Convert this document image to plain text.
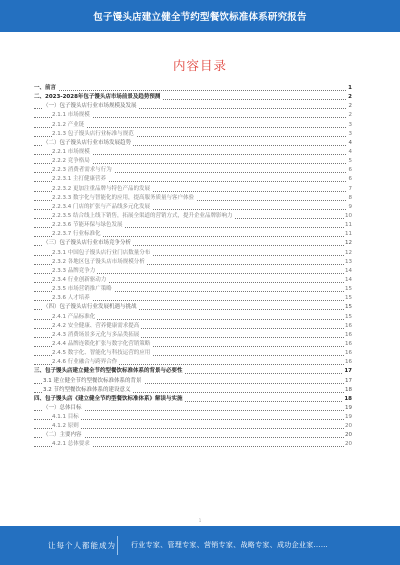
包子馒头店建立健全节约型餐饮标准体系研究报告
内容目录
一、前言	1
二、2023-2028年包子馒头店市场前景及趋势预测	2
（一）包子馒头店行业市场规模及发展	2
2.1.1 市场规模	2
2.1.2 产业链	3
2.1.3 包子馒头店行业标准与规范	3
（二）包子馒头店行业市场发展趋势	4
2.2.1 市场规模	4
2.2.2 竞争格局	5
2.2.3 消费者需求与行为	6
2.2.3.1 主打健康营养	6
2.2.3.2 更加注重品牌与特色产品的发展	7
2.2.3.3 数字化与智能化的应用，提高服务质量与客户体验	8
2.2.3.4 门店的扩张与产品线多元化发展	9
2.2.3.5 结合线上线下销售，拓展全渠道的营销方式，提升企业品牌影响力	10
2.2.3.6 节能环保与绿色发展	11
2.2.3.7 行业标准化	11
（三）包子馒头店行业市场竞争分析	12
2.3.1 中国包子馒头店行业门店数量分布	12
2.3.2 各地区包子馒头店市场规模分析	13
2.3.3 品牌竞争力	14
2.3.4 行业创新驱动力	14
2.3.5 市场营销推广策略	15
2.3.6 人才培养	15
（四）包子馒头店行业发展机遇与挑战	15
2.4.1 产品标准化	15
2.4.2 安全健康、营养健康需求提高	16
2.4.3 消费场景多元化与多品类拓展	16
2.4.4 品牌连锁化扩张与数字化营销策略	16
2.4.5 数字化、智能化与科技运营的应用	16
2.4.6 行业融合与跨界合作	16
三、包子馒头店建立健全节约型餐饮标准体系的背景与必要性	17
3.1 建立健全节约型餐饮标准体系的背景	17
3.2 节约型餐饮标准体系的建设意义	18
四、包子馒头店《建立健全节约型餐饮标准体系》解读与实施	18
（一）总体目标	19
4.1.1 目标	19
4.1.2 原则	20
（二）主要内容	20
4.2.1 总体要求	20
1
让每个人都能成为 行业专家、管理专家、营销专家、战略专家、成功企业家……
